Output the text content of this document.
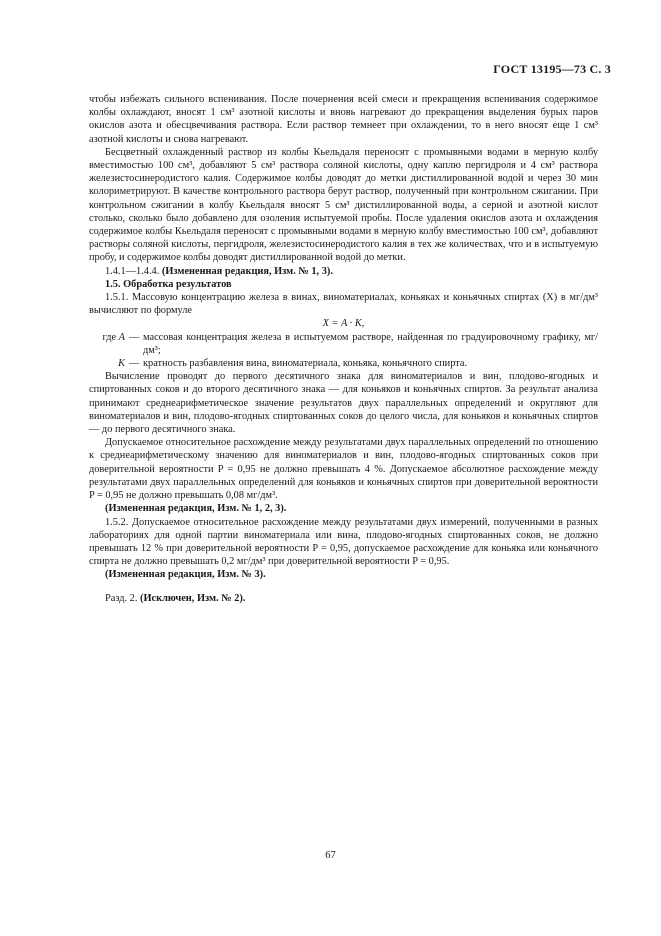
ГОСТ 13195—73 С. 3

чтобы избежать сильного вспенивания. После почернения всей смеси и прекращения вспенивания содержимое колбы охлаждают, вносят 1 см³ азотной кислоты и вновь нагревают до прекращения выделения бурых паров окислов азота и обесцвечивания раствора. Если раствор темнеет при охлаждении, то в него вносят еще 1 см³ азотной кислоты и снова нагревают.

Бесцветный охлажденный раствор из колбы Кьельдаля переносят с промывными водами в мерную колбу вместимостью 100 см³, добавляют 5 см³ раствора соляной кислоты, одну каплю пергидроля и 4 см³ раствора железистосинеродистого калия. Содержимое колбы доводят до метки дистиллированной водой и через 30 мин колориметрируют. В качестве контрольного раствора берут раствор, полученный при контрольном сжигании. При контрольном сжигании в колбу Кьельдаля вносят 5 см³ дистиллированной воды, а серной и азотной кислот столько, сколько было добавлено для озоления испытуемой пробы. После удаления окислов азота и охлаждения содержимое колбы Кьельдаля переносят с промывными водами в мерную колбу вместимостью 100 см³, добавляют растворы соляной кислоты, пергидроля, железистосинеродистого калия в тех же количествах, что и в испытуемую пробу, и содержимое колбы доводят дистиллированной водой до метки.

1.4.1—1.4.4. (Измененная редакция, Изм. № 1, 3).

1.5. Обработка результатов

1.5.1. Массовую концентрацию железа в винах, виноматериалах, коньяках и коньячных спиртах (X) в мг/дм³ вычисляют по формуле

X = A · K,

где A — массовая концентрация железа в испытуемом растворе, найденная по градуировочному графику, мг/дм³;
K — кратность разбавления вина, виноматериала, коньяка, коньячного спирта.

Вычисление проводят до первого десятичного знака для виноматериалов и вин, плодово-ягодных и спиртованных соков и до второго десятичного знака — для коньяков и коньячных спиртов. За результат анализа принимают среднеарифметическое значение результатов двух параллельных определений и округляют для виноматериалов и вин, плодово-ягодных спиртованных соков до целого числа, для коньяков и коньячных спиртов — до первого десятичного знака.

Допускаемое относительное расхождение между результатами двух параллельных определений по отношению к среднеарифметическому значению для виноматериалов и вин, плодово-ягодных спиртованных соков при доверительной вероятности P = 0,95 не должно превышать 4 %. Допускаемое абсолютное расхождение между результатами двух параллельных определений для коньяков и коньячных спиртов при доверительной вероятности P = 0,95 не должно превышать 0,08 мг/дм³.

(Измененная редакция, Изм. № 1, 2, 3).

1.5.2. Допускаемое относительное расхождение между результатами двух измерений, полученными в разных лабораториях для одной партии виноматериала или вина, плодово-ягодных спиртованных соков, не должно превышать 12 % при доверительной вероятности P = 0,95, допускаемое расхождение для коньяка или коньячного спирта не должно превышать 0,2 мг/дм³ при доверительной вероятности P = 0,95.

(Измененная редакция, Изм. № 3).

Разд. 2. (Исключен, Изм. № 2).

67
